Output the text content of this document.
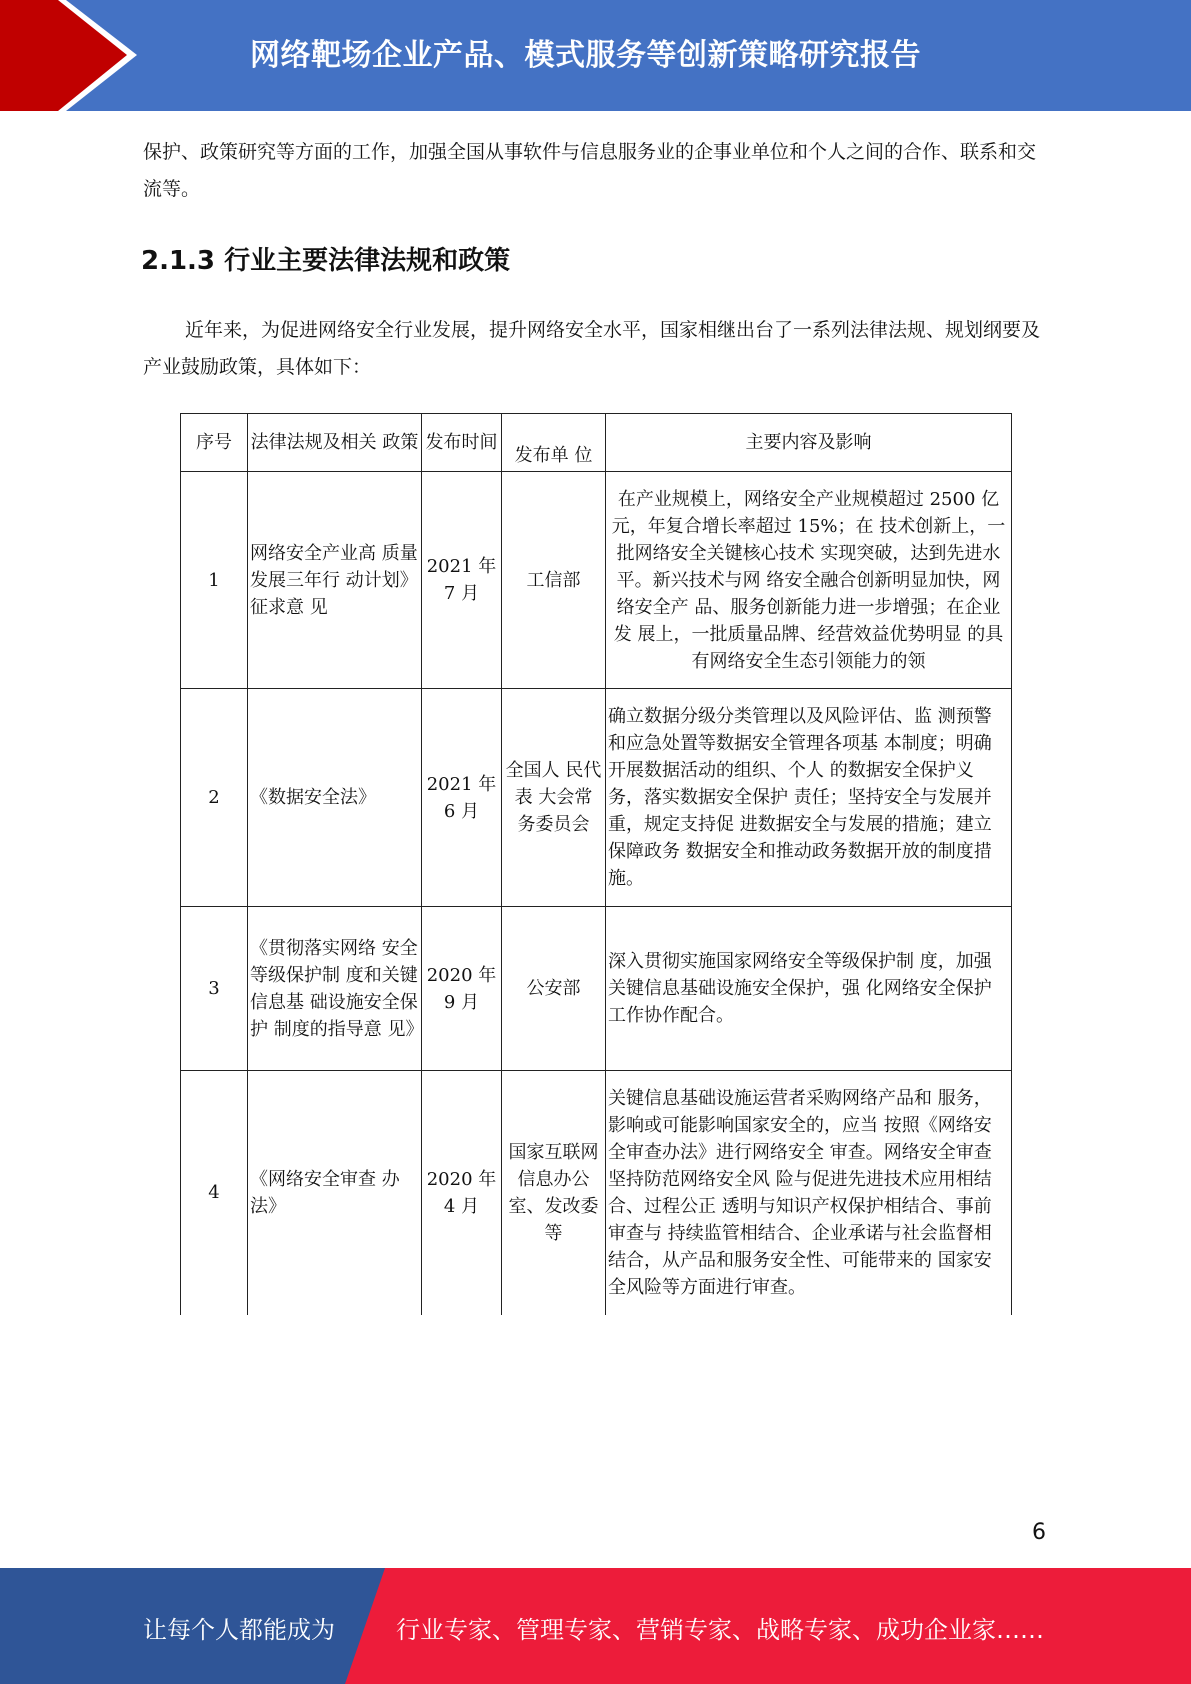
网络靶场企业产品、模式服务等创新策略研究报告
保护、政策研究等方面的工作，加强全国从事软件与信息服务业的企事业单位和个人之间的合作、联系和交流等。
2.1.3 行业主要法律法规和政策
近年来，为促进网络安全行业发展，提升网络安全水平，国家相继出台了一系列法律法规、规划纲要及产业鼓励政策，具体如下：
序号	法律法规及相关 政策	发布时间	发布单 位	主要内容及影响
1	网络安全产业高 质量发展三年行 动计划》征求意 见	2021 年 7 月	工信部	在产业规模上，网络安全产业规模超过 2500 亿元，年复合增长率超过 15%；在 技术创新上，一批网络安全关键核心技术 实现突破，达到先进水平。新兴技术与网 络安全融合创新明显加快，网络安全产 品、服务创新能力进一步增强；在企业发 展上，一批质量品牌、经营效益优势明显 的具有网络安全生态引领能力的领
2	《数据安全法》	2021 年 6 月	全国人 民代表 大会常 务委员会	确立数据分级分类管理以及风险评估、监 测预警和应急处置等数据安全管理各项基 本制度；明确开展数据活动的组织、个人 的数据安全保护义务，落实数据安全保护 责任；坚持安全与发展并重，规定支持促 进数据安全与发展的措施；建立保障政务 数据安全和推动政务数据开放的制度措 施。
3	《贯彻落实网络 安全等级保护制 度和关键信息基 础设施安全保护 制度的指导意 见》	2020 年 9 月	公安部	深入贯彻实施国家网络安全等级保护制 度，加强关键信息基础设施安全保护，强 化网络安全保护工作协作配合。
4	《网络安全审查 办法》	2020 年 4 月	国家互联网信息办公室、发改委等	关键信息基础设施运营者采购网络产品和 服务，影响或可能影响国家安全的，应当 按照《网络安全审查办法》进行网络安全 审查。网络安全审查坚持防范网络安全风 险与促进先进技术应用相结合、过程公正 透明与知识产权保护相结合、事前审查与 持续监管相结合、企业承诺与社会监督相 结合，从产品和服务安全性、可能带来的 国家安全风险等方面进行审查。
6
让每个人都能成为	行业专家、管理专家、营销专家、战略专家、成功企业家……
